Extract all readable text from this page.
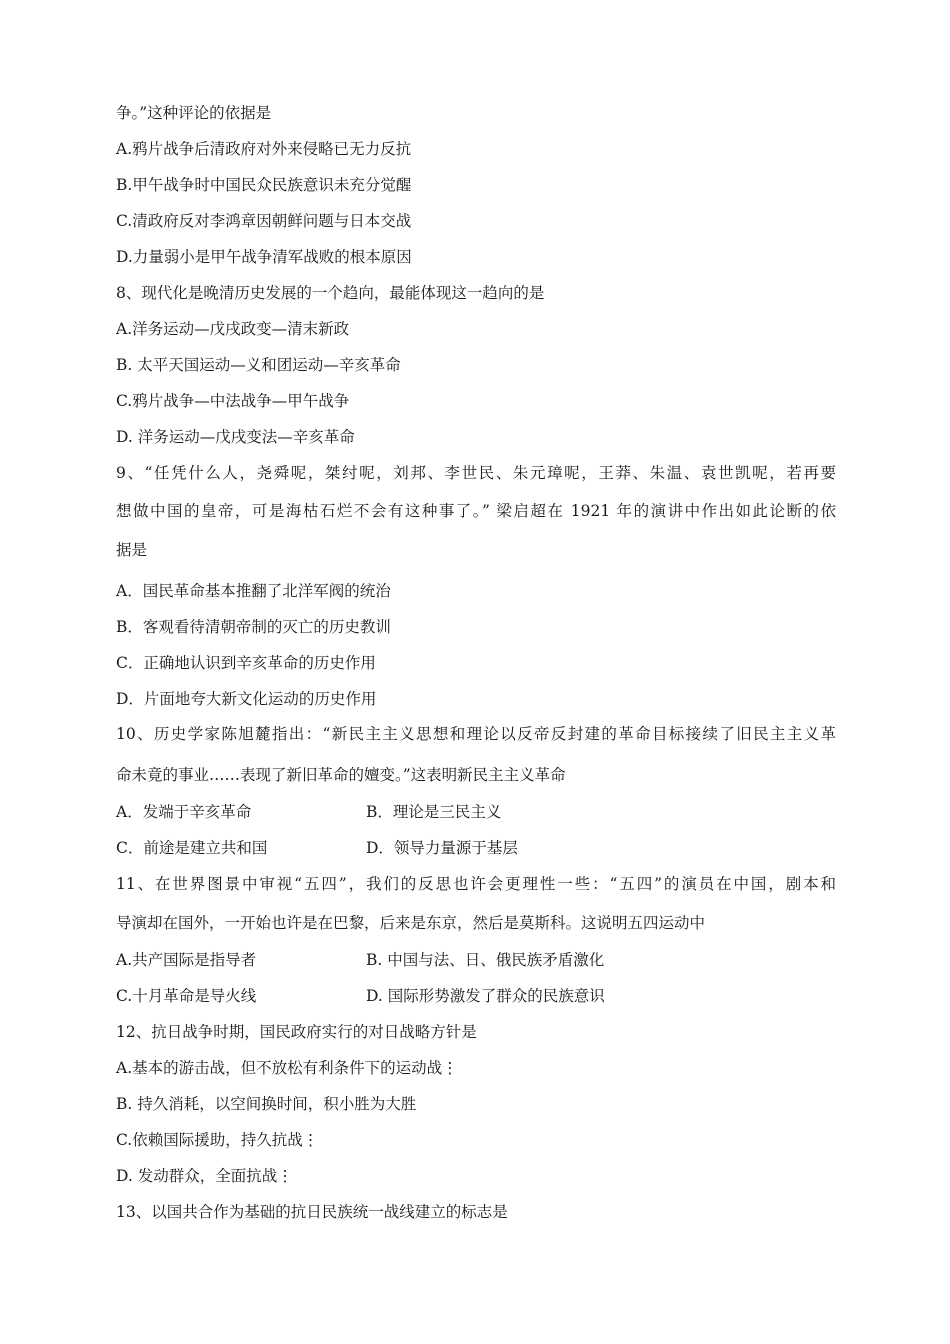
争。”这种评论的依据是
A.鸦片战争后清政府对外来侵略已无力反抗
B.甲午战争时中国民众民族意识未充分觉醒
C.清政府反对李鸿章因朝鲜问题与日本交战
D.力量弱小是甲午战争清军战败的根本原因
8、现代化是晚清历史发展的一个趋向，最能体现这一趋向的是
A.洋务运动—戊戌政变—清末新政
B. 太平天国运动—义和团运动—辛亥革命
C.鸦片战争—中法战争—甲午战争
D. 洋务运动—戊戌变法—辛亥革命
9、“任凭什么人，尧舜呢，桀纣呢，刘邦、李世民、朱元璋呢，王莽、朱温、袁世凯呢，若再要
想做中国的皇帝，可是海枯石烂不会有这种事了。” 梁启超在 1921 年的演讲中作出如此论断的依
据是
A．国民革命基本推翻了北洋军阀的统治
B．客观看待清朝帝制的灭亡的历史教训
C．正确地认识到辛亥革命的历史作用
D．片面地夸大新文化运动的历史作用
10、历史学家陈旭麓指出：“新民主主义思想和理论以反帝反封建的革命目标接续了旧民主主义革
命未竟的事业……表现了新旧革命的嬗变。”这表明新民主主义革命
A．发端于辛亥革命	B．理论是三民主义
C．前途是建立共和国	D．领导力量源于基层
11、在世界图景中审视“五四”，我们的反思也许会更理性一些：“五四”的演员在中国，剧本和
导演却在国外，一开始也许是在巴黎，后来是东京，然后是莫斯科。这说明五四运动中
A.共产国际是指导者	B. 中国与法、日、俄民族矛盾激化
C.十月革命是导火线	D. 国际形势激发了群众的民族意识
12、抗日战争时期，国民政府实行的对日战略方针是
A.基本的游击战，但不放松有利条件下的运动战⋮
B. 持久消耗，以空间换时间，积小胜为大胜
C.依赖国际援助，持久抗战⋮
D. 发动群众，全面抗战⋮
13、以国共合作为基础的抗日民族统一战线建立的标志是
